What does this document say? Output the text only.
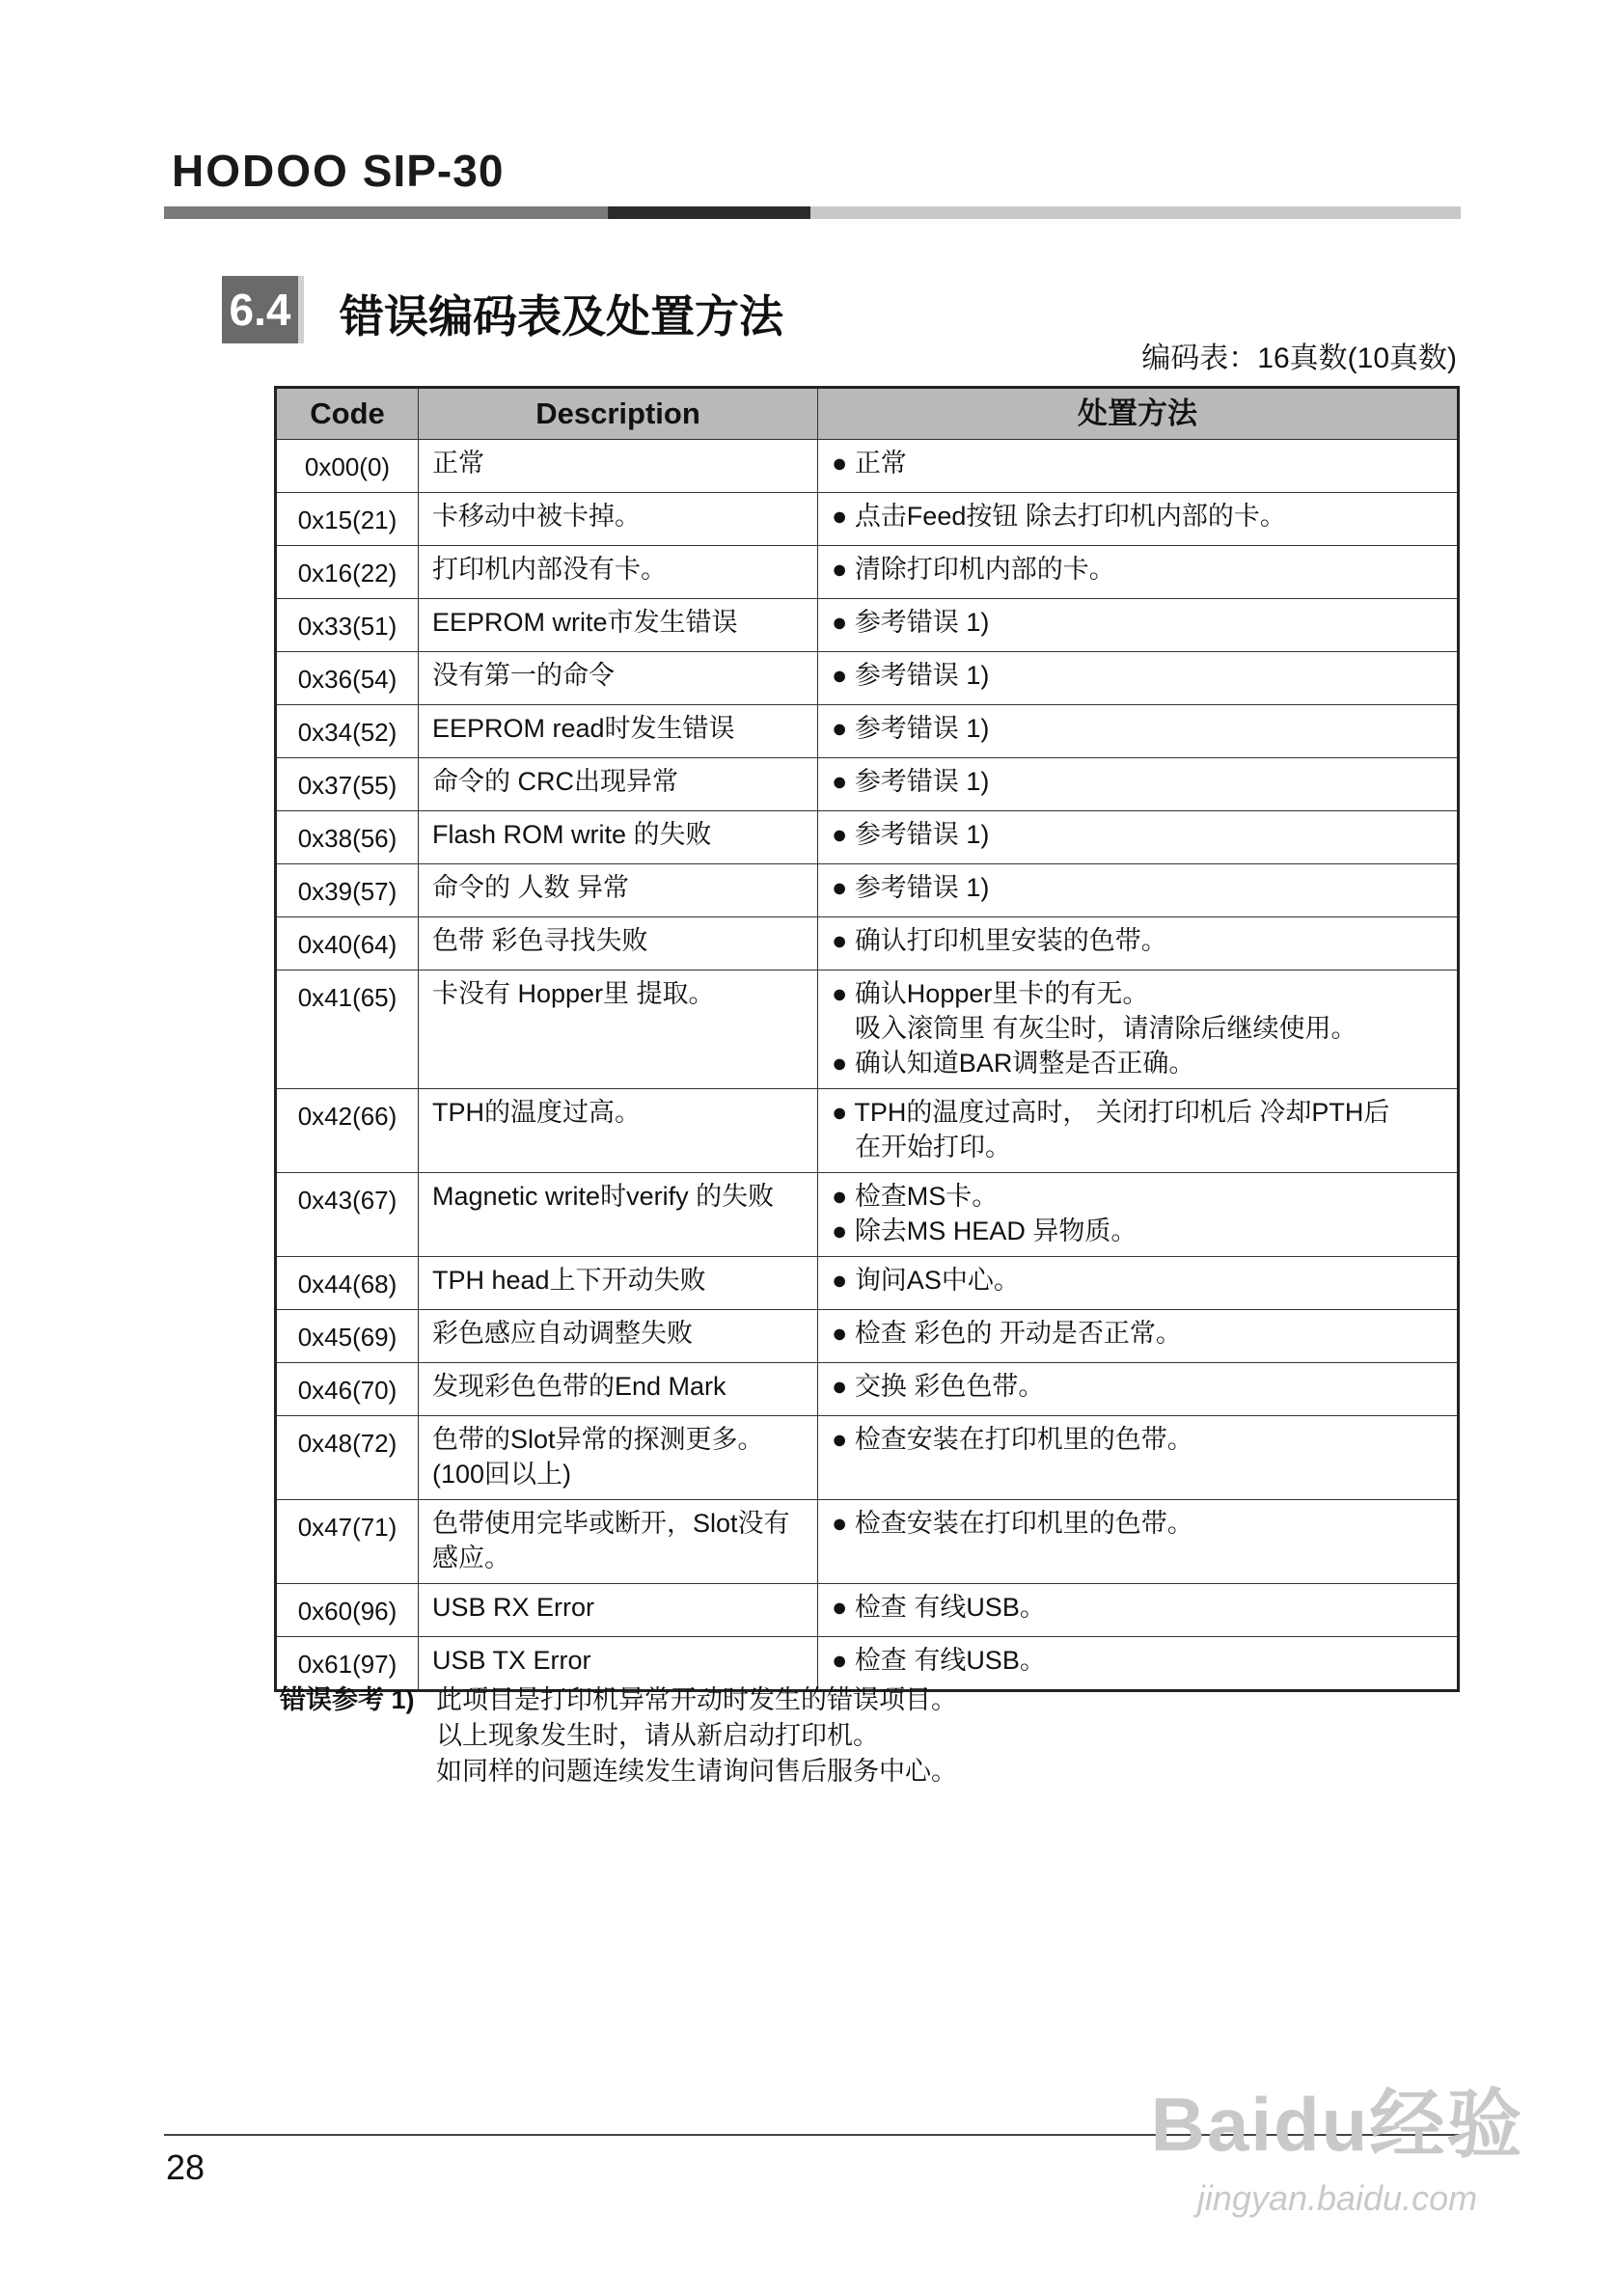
HODOO SIP-30
6.4 错误编码表及处置方法
编码表：16真数(10真数)
Code	Description	处置方法
0x00(0)	正常	● 正常

0x15(21)	卡移动中被卡掉。	● 点击Feed按钮 除去打印机内部的卡。

0x16(22)	打印机内部没有卡。	● 清除打印机内部的卡。

0x33(51)	EEPROM write市发生错误	● 参考错误 1)

0x36(54)	没有第一的命令	● 参考错误 1)

0x34(52)	EEPROM read时发生错误	● 参考错误 1)

0x37(55)	命令的 CRC出现异常	● 参考错误 1)

0x38(56)	Flash ROM write 的失败	● 参考错误 1)

0x39(57)	命令的 人数 异常	● 参考错误 1)

0x40(64)	色带 彩色寻找失败	● 确认打印机里安装的色带。

0x41(65)	卡没有 Hopper里 提取。	● 确认Hopper里卡的有无。
吸入滚筒里 有灰尘时，请清除后继续使用。
● 确认知道BAR调整是否正确。

0x42(66)	TPH的温度过高。	● TPH的温度过高时， 关闭打印机后 冷却PTH后
在开始打印。

0x43(67)	Magnetic write时verify 的失败	● 检查MS卡。
● 除去MS HEAD 异物质。

0x44(68)	TPH head上下开动失败	● 询问AS中心。

0x45(69)	彩色感应自动调整失败	● 检查 彩色的 开动是否正常。

0x46(70)	发现彩色色带的End Mark	● 交换 彩色色带。

0x48(72)	色带的Slot异常的探测更多。
(100回以上)	● 检查安装在打印机里的色带。

0x47(71)	色带使用完毕或断开，Slot没有
感应。	● 检查安装在打印机里的色带。

0x60(96)	USB RX Error	● 检查 有线USB。

0x61(97)	USB TX Error	● 检查 有线USB。
错误参考 1) 此项目是打印机异常开动时发生的错误项目。
以上现象发生时，请从新启动打印机。
如同样的问题连续发生请询问售后服务中心。
28
Baidu经验
jingyan.baidu.com
